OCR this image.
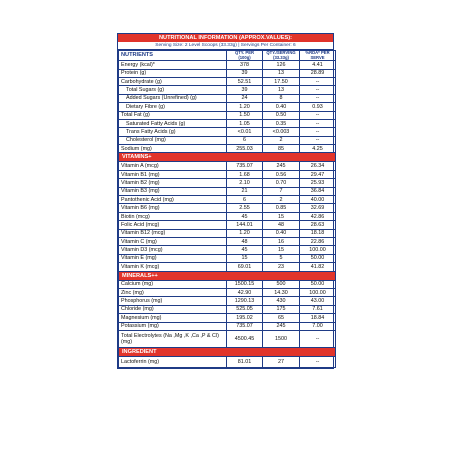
NUTRITIONAL INFORMATION (APPROX.VALUES):
Serving Size: 2 Level Scoops (33.33g) | Servings Per Container: 6
NUTRIENTS	QTY. PER (100g)	QTY./SERVING (33.33g)	%RDA* PER SERVE
Energy (kcal)*	378	126	4.41
Protein (g)	39	13	28.89
Carbohydrate (g)	52.51	17.50	--
Total Sugars (g)	39	13	--
Added Sugars (Unrefined) (g)	24	8	--
Dietary Fibre (g)	1.20	0.40	0.93
Total Fat (g)	1.50	0.50	--
Saturated Fatty Acids (g)	1.05	0.35	--
Trans Fatty Acids (g)	<0.01	<0.003	--
Cholesterol (mg)	6	2	--
Sodium (mg)	255.03	85	4.25
VITAMINS+			
Vitamin A (mcg)	735.07	245	26.34
Vitamin B1 (mg)	1.68	0.56	29.47
Vitamin B2 (mg)	2.10	0.70	25.93
Vitamin B3 (mg)	21	7	36.84
Pantothenic Acid (mg)	6	2	40.00
Vitamin B6 (mg)	2.55	0.85	32.69
Biotin (mcg)	45	15	42.86
Folic Acid (mcg)	144.01	48	28.63
Vitamin B12 (mcg)	1.20	0.40	18.18
Vitamin C (mg)	48	16	22.86
Vitamin D3 (mcg)	45	15	100.00
Vitamin E (mg)	15	5	50.00
Vitamin K (mcg)	69.01	23	41.82
MINERALS++			
Calcium (mg)	1500.15	500	50.00
Zinc (mg)	42.90	14.30	100.00
Phosphorus (mg)	1290.13	430	43.00
Chloride (mg)	525.05	175	7.61
Magnesium (mg)	195.02	65	18.84
Potassium (mg)	735.07	245	7.00
Total Electrolytes (Na ,Mg ,K ,Ca ,P & Cl) (mg)	4500.45	1500	--
INGREDIENT			
Lactoferrin (mg)	81.01	27	--
